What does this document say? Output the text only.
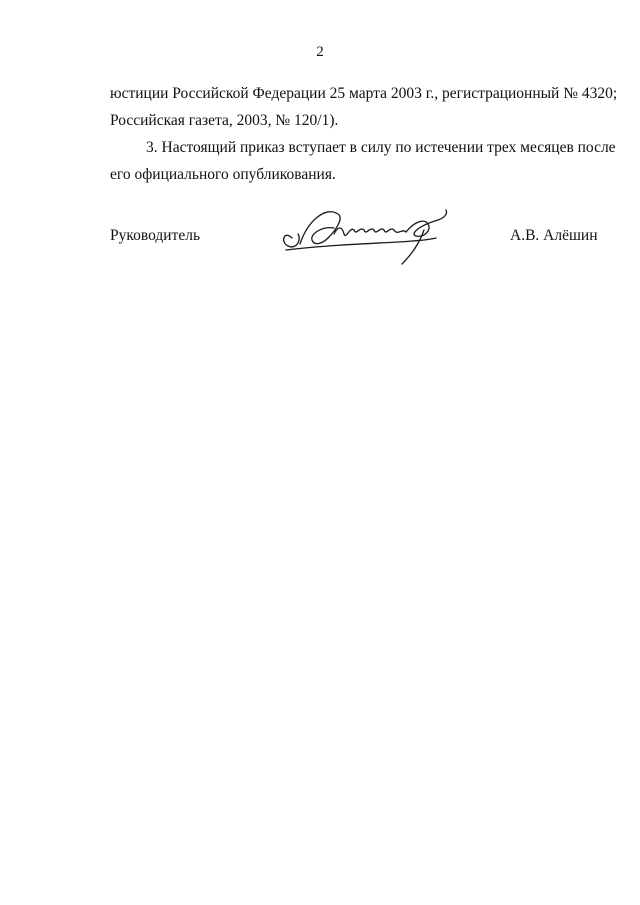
2
юстиции Российской Федерации 25 марта 2003 г., регистрационный № 4320;
Российская газета, 2003, № 120/1).
3. Настоящий приказ вступает в силу по истечении трех месяцев после
его официального опубликования.
Руководитель	А.В. Алёшин
